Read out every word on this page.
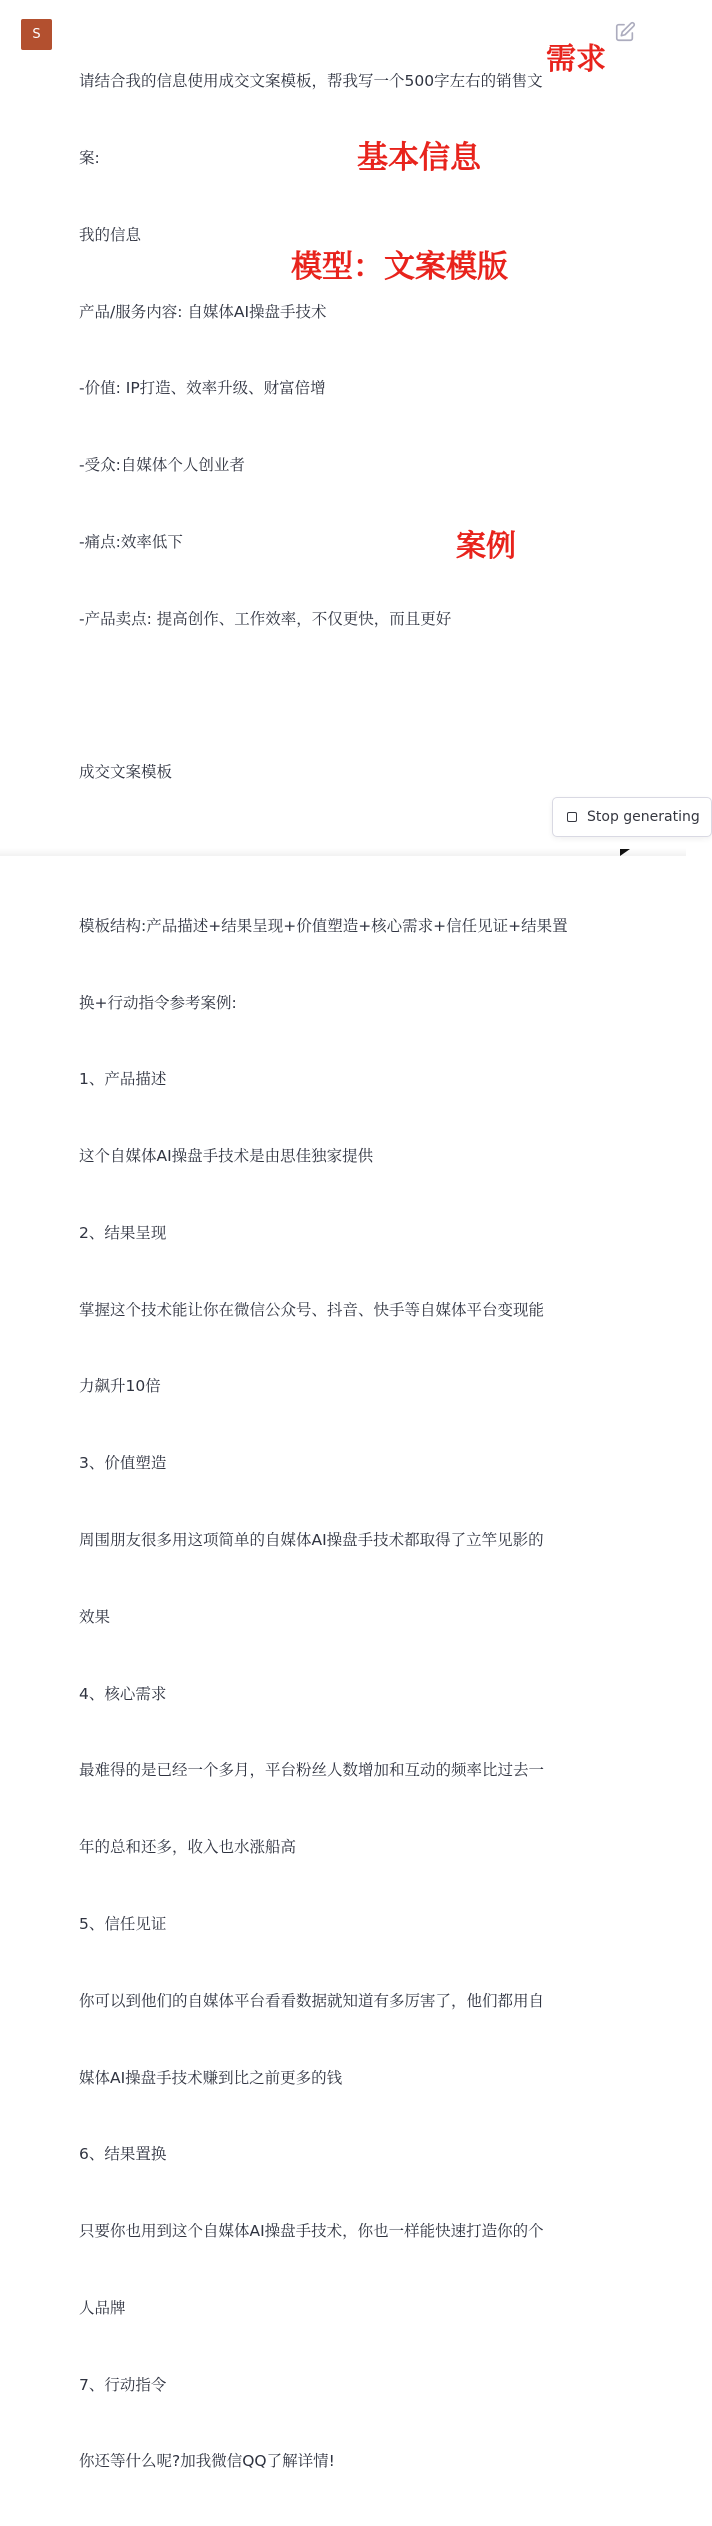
S

请结合我的信息使用成交文案模板，帮我写一个500字左右的销售文

案:

我的信息

产品/服务内容: 自媒体AI操盘手技术

-价值: IP打造、效率升级、财富倍增

-受众:自媒体个人创业者

-痛点:效率低下

-产品卖点: 提高创作、工作效率，不仅更快，而且更好

成交文案模板

模板结构:产品描述+结果呈现+价值塑造+核心需求+信任见证+结果置

换+行动指令参考案例:

1、产品描述

这个自媒体AI操盘手技术是由思佳独家提供

2、结果呈现

掌握这个技术能让你在微信公众号、抖音、快手等自媒体平台变现能

力飙升10倍

3、价值塑造

周围朋友很多用这项简单的自媒体AI操盘手技术都取得了立竿见影的

效果

4、核心需求

最难得的是已经一个多月，平台粉丝人数增加和互动的频率比过去一

年的总和还多，收入也水涨船高

5、信任见证

你可以到他们的自媒体平台看看数据就知道有多厉害了，他们都用自

媒体AI操盘手技术赚到比之前更多的钱

6、结果置换

只要你也用到这个自媒体AI操盘手技术，你也一样能快速打造你的个

人品牌

7、行动指令

你还等什么呢?加我微信QQ了解详情!

需求
基本信息
模型：文案模版
案例
Stop generating
